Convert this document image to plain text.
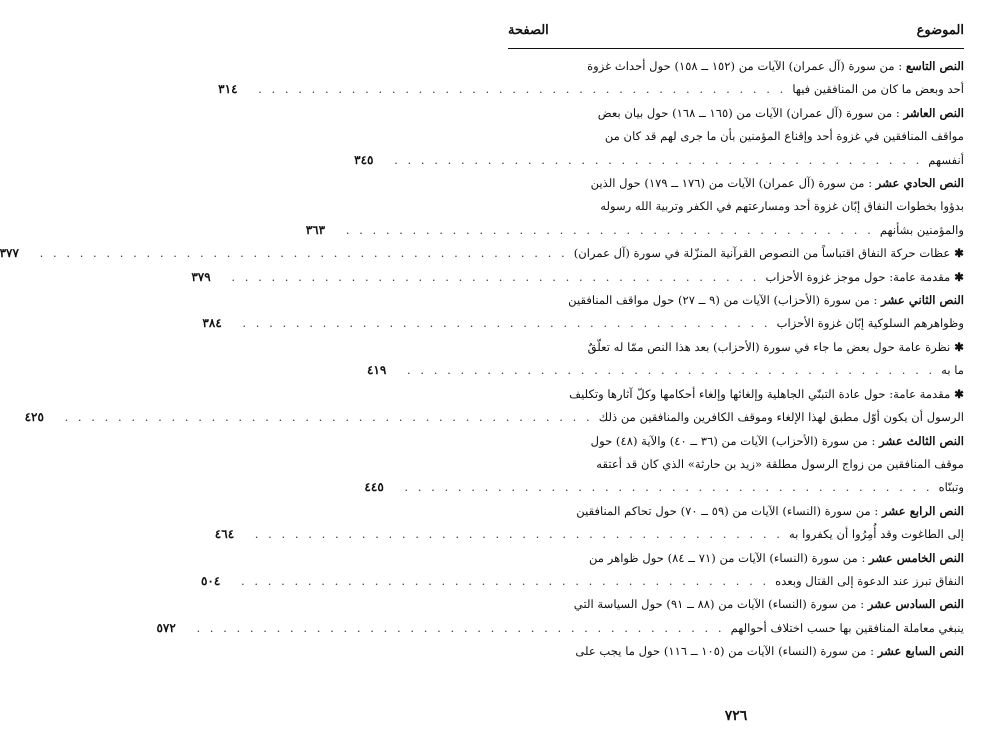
الموضوع
الصفحة
النص التاسع : من سورة (آل عمران) الآيات من (١٥٢ ــ ١٥٨) حول أحداث غزوة
أحد وبعض ما كان من المنافقين فيها
. . . . . . . . . . . . . . . . . . . . . . . . . . . . . . . . . . . . . . . .
٣١٤
النص العاشر : من سورة (آل عمران) الآيات من (١٦٥ ــ ١٦٨) حول بيان بعض
مواقف المنافقين في غزوة أحد وإقناع المؤمنين بأن ما جرى لهم قد كان من
أنفسهم
. . . . . . . . . . . . . . . . . . . . . . . . . . . . . . . . . . . . . . . .
٣٤٥
النص الحادي عشر : من سورة (آل عمران) الآيات من (١٧٦ ــ ١٧٩) حول الذين
بدؤوا بخطوات النفاق إبّان غزوة أحد ومسارعتهم في الكفر وتربية الله رسوله
والمؤمنين بشأنهم
. . . . . . . . . . . . . . . . . . . . . . . . . . . . . . . . . . . . . . . .
٣٦٣
✱عظات حركة النفاق اقتباساً من النصوص القرآنية المنزّلة في سورة (آل عمران)
. . . . . . . . . . . . . . . . . . . . . . . . . . . . . . . . . . . . . . . .
٣٧٧
✱مقدمة عامة: حول موجز غزوة الأحزاب
. . . . . . . . . . . . . . . . . . . . . . . . . . . . . . . . . . . . . . . .
٣٧٩
النص الثاني عشر : من سورة (الأحزاب) الآيات من (٩ ــ ٢٧) حول مواقف المنافقين
وظواهرهم السلوكية إبّان غزوة الأحزاب
. . . . . . . . . . . . . . . . . . . . . . . . . . . . . . . . . . . . . . . .
٣٨٤
✱نظرة عامة حول بعض ما جاء في سورة (الأحزاب) بعد هذا النص ممّا له تعلّقٌ
ما به
. . . . . . . . . . . . . . . . . . . . . . . . . . . . . . . . . . . . . . . .
٤١٩
✱مقدمة عامة: حول عادة التبنّي الجاهلية وإلغائها وإلغاء أحكامها وكلّ آثارها وتكليف
الرسول أن يكون أوّل مطبق لهذا الإلغاء وموقف الكافرين والمنافقين من ذلك
. . . . . . . . . . . . . . . . . . . . . . . . . . . . . . . . . . . . . . . .
٤٢٥
النص الثالث عشر : من سورة (الأحزاب) الآيات من (٣٦ ــ ٤٠) والآية (٤٨) حول
موقف المنافقين من زواج الرسول مطلقة «زيد بن حارثة» الذي كان قد أعتقه
وتبنّاه
. . . . . . . . . . . . . . . . . . . . . . . . . . . . . . . . . . . . . . . .
٤٤٥
النص الرابع عشر : من سورة (النساء) الآيات من (٥٩ ــ ٧٠) حول تحاكم المنافقين
إلى الطاغوت وقد أُمِرُوا أن يكفروا به
. . . . . . . . . . . . . . . . . . . . . . . . . . . . . . . . . . . . . . . .
٤٦٤
النص الخامس عشر : من سورة (النساء) الآيات من (٧١ ــ ٨٤) حول ظواهر من
النفاق تبرز عند الدعوة إلى القتال وبعده
. . . . . . . . . . . . . . . . . . . . . . . . . . . . . . . . . . . . . . . .
٥٠٤
النص السادس عشر : من سورة (النساء) الآيات من (٨٨ ــ ٩١) حول السياسة التي
ينبغي معاملة المنافقين بها حسب اختلاف أحوالهم
. . . . . . . . . . . . . . . . . . . . . . . . . . . . . . . . . . . . . . . .
٥٧٢
النص السابع عشر : من سورة (النساء) الآيات من (١٠٥ ــ ١١٦) حول ما يجب على
٧٢٦
